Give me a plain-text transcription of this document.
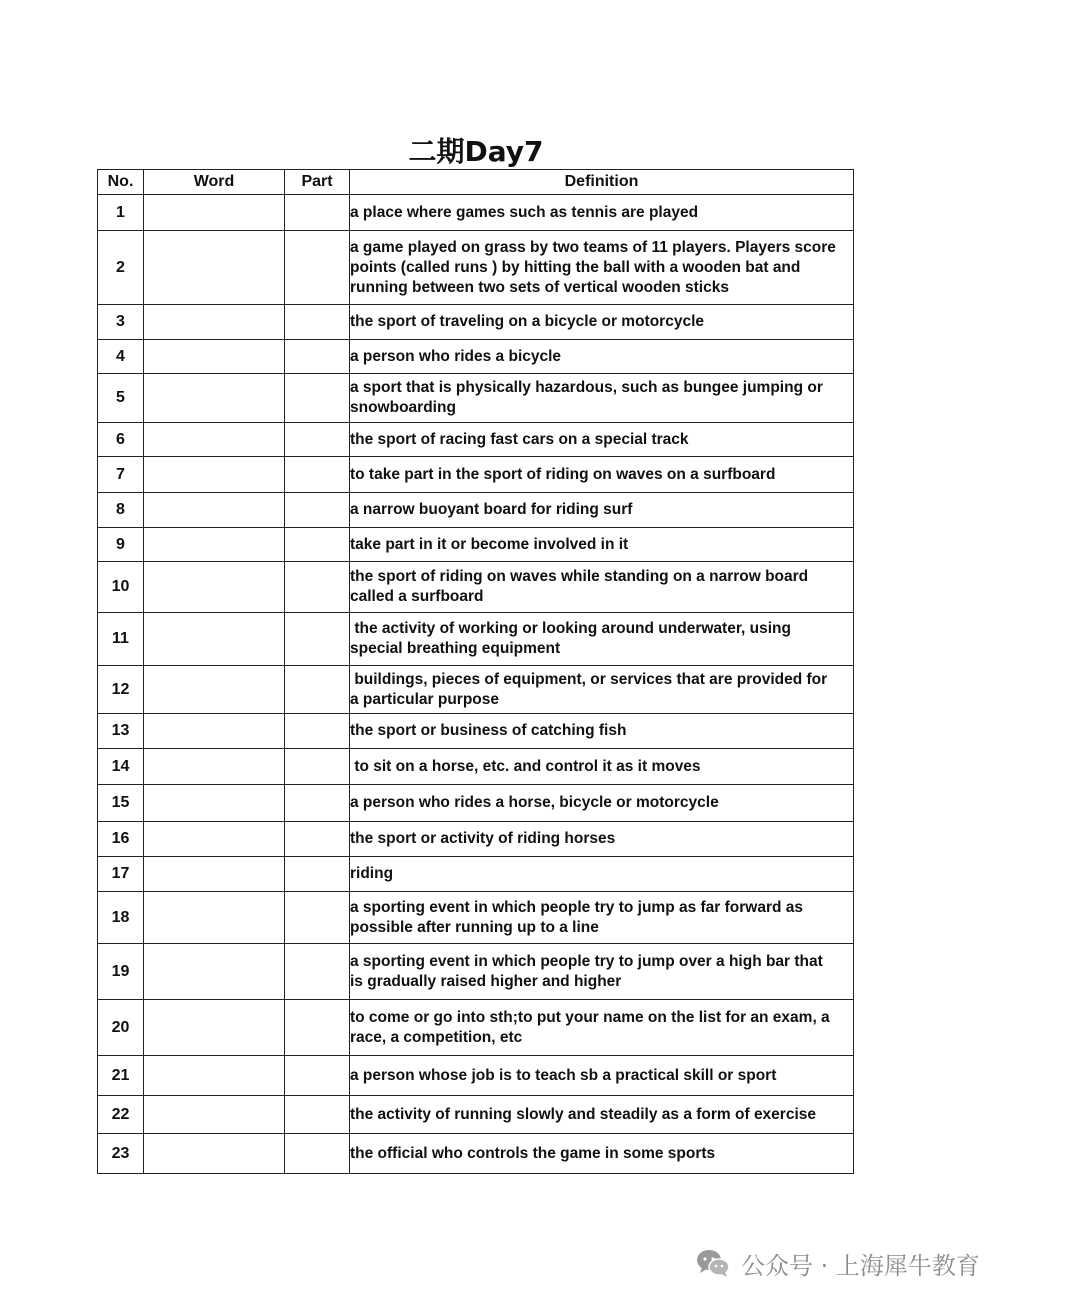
二期Day7
No.	Word	Part	Definition
1			a place where games such as tennis are played
2			a game played on grass by two teams of 11 players. Players score
points (called runs ) by hitting the ball with a wooden bat and
running between two sets of vertical wooden sticks
3			the sport of traveling on a bicycle or motorcycle
4			a person who rides a bicycle
5			a sport that is physically hazardous, such as bungee jumping or
snowboarding
6			the sport of racing fast cars on a special track
7			to take part in the sport of riding on waves on a surfboard
8			a narrow buoyant board for riding surf
9			take part in it or become involved in it
10			the sport of riding on waves while standing on a narrow board
called a surfboard
11			the activity of working or looking around underwater, using
special breathing equipment
12			buildings, pieces of equipment, or services that are provided for
a particular purpose
13			the sport or business of catching fish
14			to sit on a horse, etc. and control it as it moves
15			a person who rides a horse, bicycle or motorcycle
16			the sport or activity of riding horses
17			riding
18			a sporting event in which people try to jump as far forward as
possible after running up to a line
19			a sporting event in which people try to jump over a high bar that
is gradually raised higher and higher
20			to come or go into sth;to put your name on the list for an exam, a
race, a competition, etc
21			a person whose job is to teach sb a practical skill or sport
22			the activity of running slowly and steadily as a form of exercise
23			the official who controls the game in some sports
公众号 · 上海犀牛教育
